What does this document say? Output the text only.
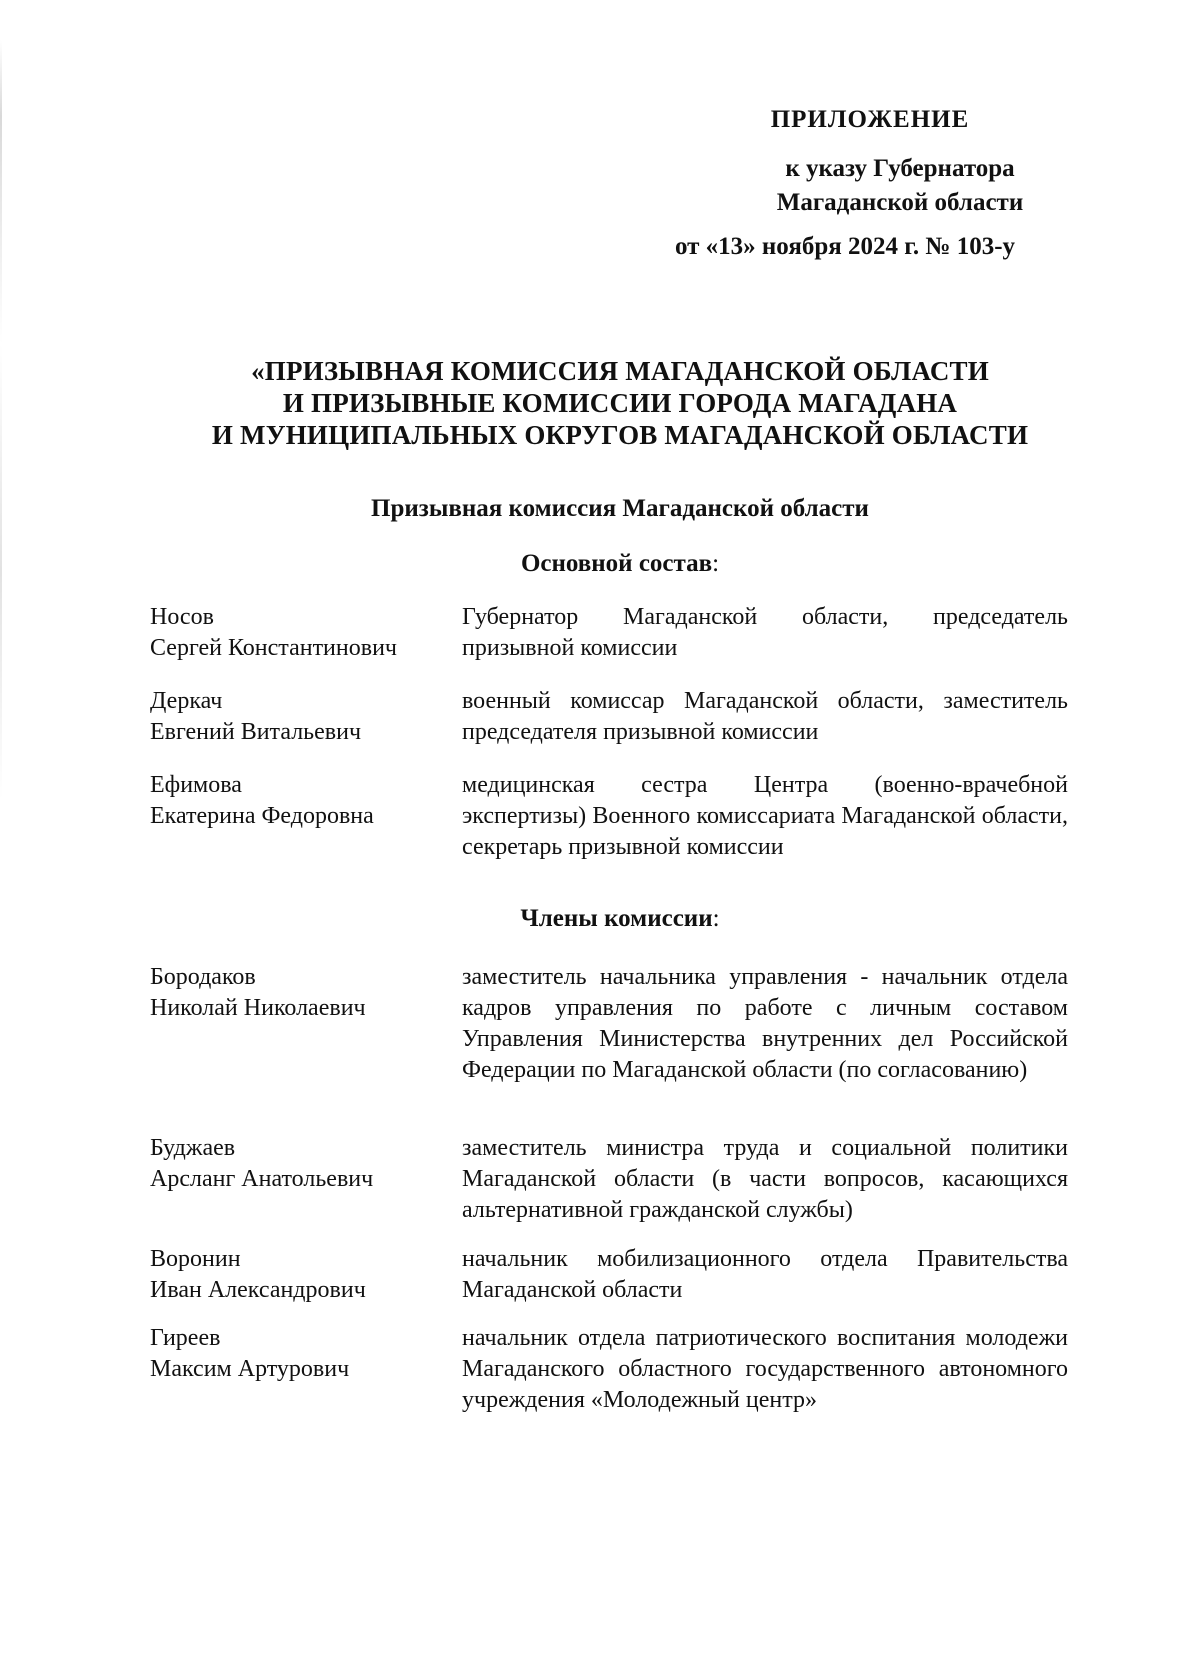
ПРИЛОЖЕНИЕ
к указу Губернатора
Магаданской области
от «13» ноября 2024 г. № 103-у
«ПРИЗЫВНАЯ КОМИССИЯ МАГАДАНСКОЙ ОБЛАСТИ
И ПРИЗЫВНЫЕ КОМИССИИ ГОРОДА МАГАДАНА
И МУНИЦИПАЛЬНЫХ ОКРУГОВ МАГАДАНСКОЙ ОБЛАСТИ
Призывная комиссия Магаданской области
Основной состав:
Носов
Сергей Константинович
Губернатор Магаданской области, председатель призывной комиссии
Деркач
Евгений Витальевич
военный комиссар Магаданской области, заместитель председателя призывной комиссии
Ефимова
Екатерина Федоровна
медицинская сестра Центра (военно-врачебной экспертизы) Военного комиссариата Магаданской области, секретарь призывной комиссии
Члены комиссии:
Бородаков
Николай Николаевич
заместитель начальника управления - начальник отдела кадров управления по работе с личным составом Управления Министерства внутренних дел Российской Федерации по Магаданской области (по согласованию)
Буджаев
Арсланг Анатольевич
заместитель министра труда и социальной политики Магаданской области (в части вопросов, касающихся альтернативной гражданской службы)
Воронин
Иван Александрович
начальник мобилизационного отдела Правительства Магаданской области
Гиреев
Максим Артурович
начальник отдела патриотического воспитания молодежи Магаданского областного государственного автономного учреждения «Молодежный центр»
